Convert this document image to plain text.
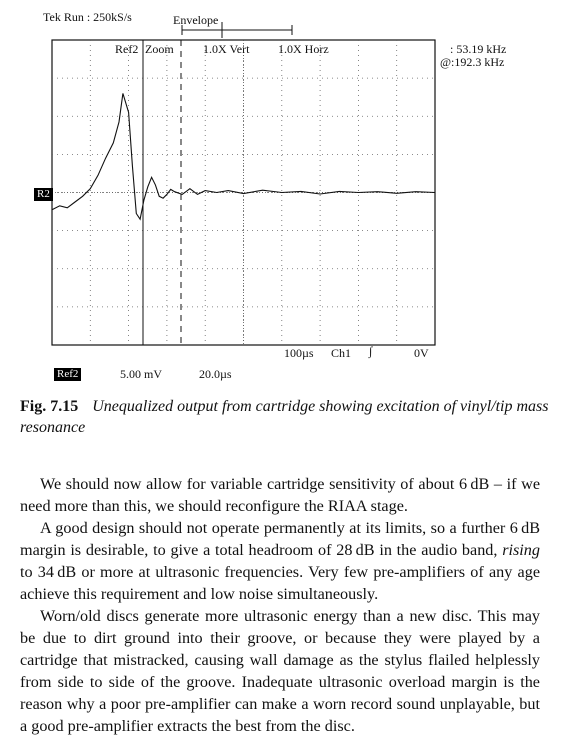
Tek Run : 250kS/s	Envelope
Ref2 Zoom 1.0X Vert 1.0X Horz	: 53.19 kHz
@:192.3 kHz
R2
100µs Ch1 ∫	0V
Ref2	5.00 mV	20.0µs
Fig. 7.15 Unequalized output from cartridge showing excitation of vinyl/tip mass resonance

We should now allow for variable cartridge sensitivity of about 6 dB – if we need more than this, we should reconfigure the RIAA stage.

A good design should not operate permanently at its limits, so a further 6 dB margin is desirable, to give a total headroom of 28 dB in the audio band, rising to 34 dB or more at ultrasonic frequencies. Very few pre-amplifiers of any age achieve this requirement and low noise simultaneously.

Worn/old discs generate more ultrasonic energy than a new disc. This may be due to dirt ground into their groove, or because they were played by a cartridge that mistracked, causing wall damage as the stylus flailed helplessly from side to side of the groove. Inadequate ultrasonic overload margin is the reason why a poor pre-amplifier can make a worn record sound unplayable, but a good pre-amplifier extracts the best from the disc.
